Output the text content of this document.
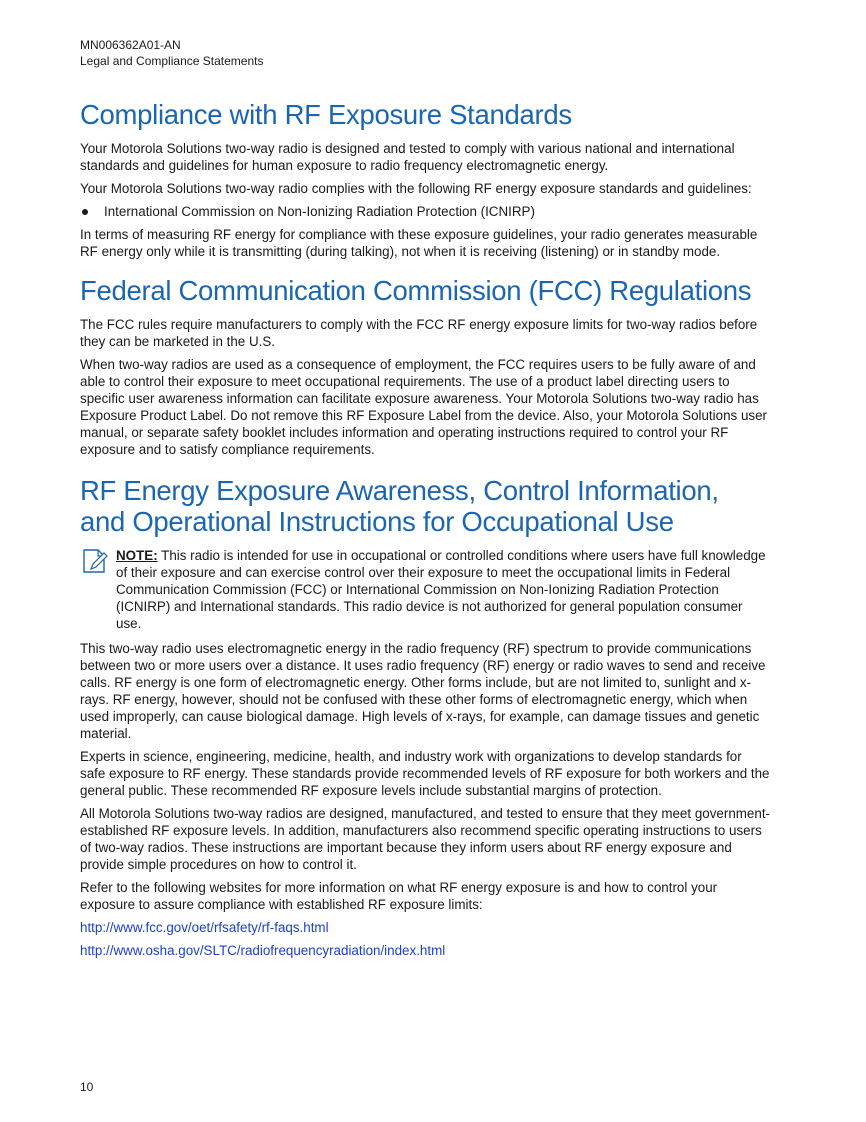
MN006362A01-AN
Legal and Compliance Statements
Compliance with RF Exposure Standards

Your Motorola Solutions two-way radio is designed and tested to comply with various national and international standards and guidelines for human exposure to radio frequency electromagnetic energy.

Your Motorola Solutions two-way radio complies with the following RF energy exposure standards and guidelines:

International Commission on Non-Ionizing Radiation Protection (ICNIRP)

In terms of measuring RF energy for compliance with these exposure guidelines, your radio generates measurable RF energy only while it is transmitting (during talking), not when it is receiving (listening) or in standby mode.

Federal Communication Commission (FCC) Regulations

The FCC rules require manufacturers to comply with the FCC RF energy exposure limits for two-way radios before they can be marketed in the U.S.

When two-way radios are used as a consequence of employment, the FCC requires users to be fully aware of and able to control their exposure to meet occupational requirements. The use of a product label directing users to specific user awareness information can facilitate exposure awareness. Your Motorola Solutions two-way radio has Exposure Product Label. Do not remove this RF Exposure Label from the device. Also, your Motorola Solutions user manual, or separate safety booklet includes information and operating instructions required to control your RF exposure and to satisfy compliance requirements.

RF Energy Exposure Awareness, Control Information, and Operational Instructions for Occupational Use

NOTE: This radio is intended for use in occupational or controlled conditions where users have full knowledge of their exposure and can exercise control over their exposure to meet the occupational limits in Federal Communication Commission (FCC) or International Commission on Non-Ionizing Radiation Protection (ICNIRP) and International standards. This radio device is not authorized for general population consumer use.

This two-way radio uses electromagnetic energy in the radio frequency (RF) spectrum to provide communications between two or more users over a distance. It uses radio frequency (RF) energy or radio waves to send and receive calls. RF energy is one form of electromagnetic energy. Other forms include, but are not limited to, sunlight and x-rays. RF energy, however, should not be confused with these other forms of electromagnetic energy, which when used improperly, can cause biological damage. High levels of x-rays, for example, can damage tissues and genetic material.

Experts in science, engineering, medicine, health, and industry work with organizations to develop standards for safe exposure to RF energy. These standards provide recommended levels of RF exposure for both workers and the general public. These recommended RF exposure levels include substantial margins of protection.

All Motorola Solutions two-way radios are designed, manufactured, and tested to ensure that they meet government-established RF exposure levels. In addition, manufacturers also recommend specific operating instructions to users of two-way radios. These instructions are important because they inform users about RF energy exposure and provide simple procedures on how to control it.

Refer to the following websites for more information on what RF energy exposure is and how to control your exposure to assure compliance with established RF exposure limits:

http://www.fcc.gov/oet/rfsafety/rf-faqs.html
http://www.osha.gov/SLTC/radiofrequencyradiation/index.html
10
